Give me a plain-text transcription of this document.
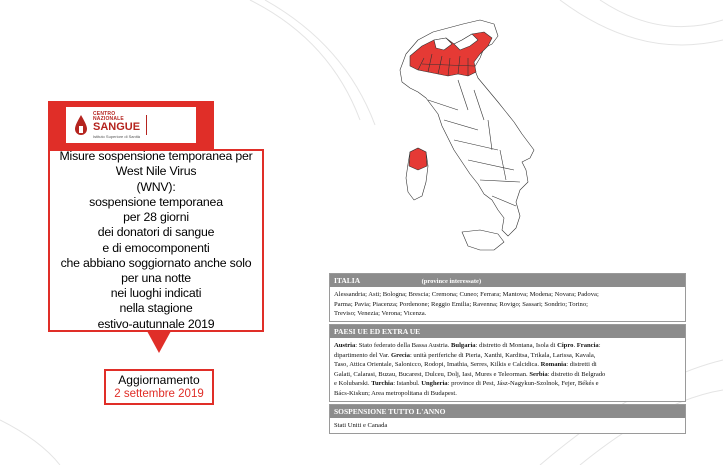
CENTRO
NAZIONALE
SANGUE
Istituto Superiore di Sanità
Misure sospensione temporanea per
West Nile Virus
(WNV):
sospensione temporanea
per 28 giorni
dei donatori di sangue
e di emocomponenti
che abbiano soggiornato anche solo
per una notte
nei luoghi indicati
nella stagione
estivo-autunnale 2019
Aggiornamento
2 settembre 2019
ITALIA	(province interessate)
Alessandria; Asti; Bologna; Brescia; Cremona; Cuneo; Ferrara; Mantova; Modena; Novara; Padova;
Parma; Pavia; Piacenza; Pordenone; Reggio Emilia; Ravenna; Rovigo; Sassari; Sondrio; Torino;
Treviso; Venezia; Verona; Vicenza.
PAESI UE ED EXTRA UE
Austria: Stato federato della Bassa Austria. Bulgaria: distretto di Montana, Isola di Cipro. Francia:
dipartimento del Var. Grecia: unità periferiche di Pieria, Xanthi, Karditsa, Trikala, Larissa, Kavala,
Taso, Attica Orientale, Salonicco, Rodopi, Imathia, Serres, Kilkis e Calcidica. Romania: distretti di
Galati, Calarasi, Buzau, Bucarest, Dulceu, Dolj, Iasi, Mures e Teleorman. Serbia: distretto di Belgrado
e Kolubarski. Turchia: Istanbul. Ungheria: province di Pest, Jász-Nagykun-Szolnok, Fejer, Békés e
Bács-Kiskun; Area metropolitana di Budapest.
SOSPENSIONE TUTTO L'ANNO
Stati Uniti e Canada
